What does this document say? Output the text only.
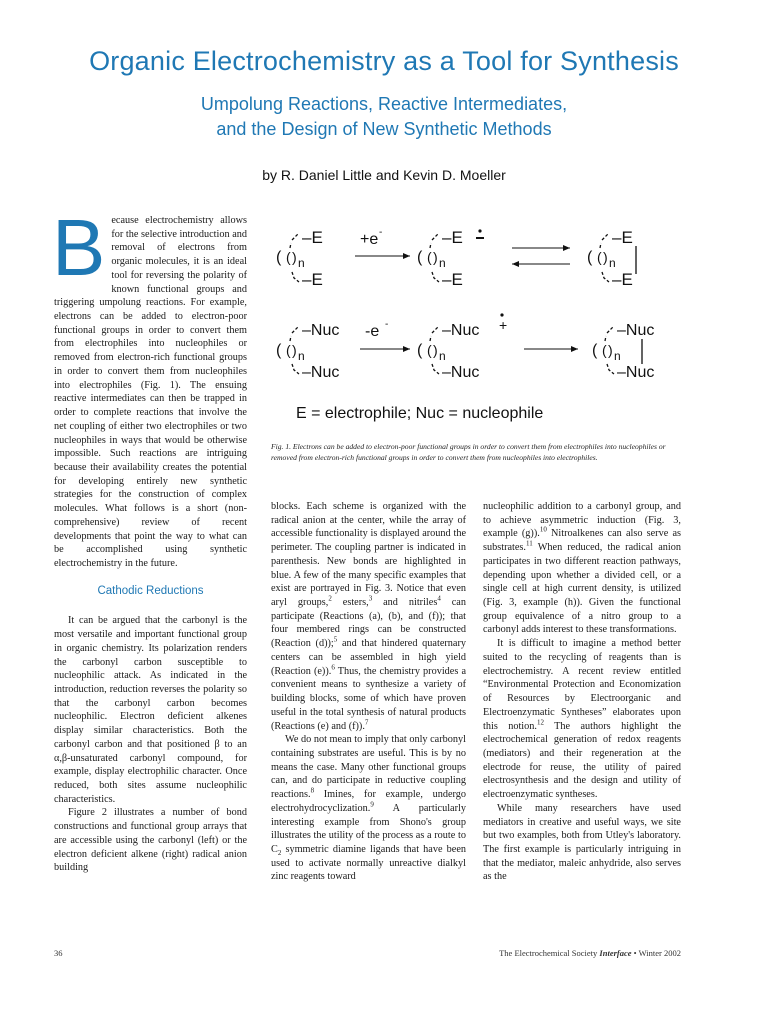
Organic Electrochemistry as a Tool for Synthesis
Umpolung Reactions, Reactive Intermediates,
and the Design of New Synthetic Methods
by R. Daniel Little and Kevin D. Moeller

Because electrochemistry allows for the selective introduction and removal of electrons from organic molecules, it is an ideal tool for reversing the polarity of known functional groups and triggering umpolung reactions. For example, electrons can be added to electron-poor functional groups in order to convert them from electrophiles into nucleophiles or removed from electron-rich functional groups in order to convert them from nucleophiles into electrophiles (Fig. 1). The ensuing reactive intermediates can then be trapped in order to complete reactions that involve the net coupling of either two electrophiles or two nucleophiles in ways that would be otherwise impossible. Such reactions are intriguing because their availability creates the potential for developing entirely new synthetic strategies for the construction of complex molecules. What follows is a short (non-comprehensive) review of recent developments that point the way to what can be accomplished using synthetic electrochemistry in the future.

Cathodic Reductions

It can be argued that the carbonyl is the most versatile and important functional group in organic chemistry. Its polarization renders the carbonyl carbon susceptible to nucleophilic attack. As indicated in the introduction, reduction reverses the polarity so that the carbonyl carbon becomes nucleophilic. Electron deficient alkenes display similar characteristics. Both the carbonyl carbon and that positioned β to an α,β-unsaturated carbonyl compound, for example, display electrophilic character. Once reduced, both sites assume nucleophilic characteristics.

Figure 2 illustrates a number of bond constructions and functional group arrays that are accessible using the carbonyl (left) or the electron deficient alkene (right) radical anion building

–E
( ( ) n
–E
+e -	–E
( ( ) n
–E
–E
( ( ) n
–E
–Nuc
( ( ) n
–Nuc
-e -	–Nuc +
( ( ) n
–Nuc
–Nuc
( ( ) n
–Nuc
E = electrophile; Nuc = nucleophile
Fig. 1. Electrons can be added to electron-poor functional groups in order to convert them from electrophiles into nucleophiles or removed from electron-rich functional groups in order to convert them from nucleophiles into electrophiles.

blocks. Each scheme is organized with the radical anion at the center, while the array of accessible functionality is displayed around the perimeter. The coupling partner is indicated in parenthesis. New bonds are highlighted in blue. A few of the many specific examples that exist are portrayed in Fig. 3. Notice that even aryl groups,$^2$ esters,$^3$ and nitriles$^4$ can participate (Reactions (a), (b), and (f)); that four membered rings can be constructed (Reaction (d));$^5$ and that hindered quaternary centers can be assembled in high yield (Reaction (e)).$^6$ Thus, the chemistry provides a convenient means to synthesize a variety of building blocks, some of which have proven useful in the total synthesis of natural products (Reactions (e) and (f)).$^7$

We do not mean to imply that only carbonyl containing substrates are useful. This is by no means the case. Many other functional groups can, and do participate in reductive coupling reactions.$^8$ Imines, for example, undergo electrohydrocyclization.$^9$ A particularly interesting example from Shono's group illustrates the utility of the process as a route to $C_2$ symmetric diamine ligands that have been used to activate normally unreactive dialkyl zinc reagents toward

nucleophilic addition to a carbonyl group, and to achieve asymmetric induction (Fig. 3, example (g)).$^{10}$ Nitroalkenes can also serve as substrates.$^{11}$ When reduced, the radical anion participates in two different reaction pathways, depending upon whether a divided cell, or a single cell at high current density, is utilized (Fig. 3, example (h)). Given the functional group equivalence of a nitro group to a carbonyl adds interest to these transformations.

It is difficult to imagine a method better suited to the recycling of reagents than is electrochemistry. A recent review entitled “Environmental Protection and Economization of Resources by Electroorganic and Electroenzymatic Syntheses” elaborates upon this notion.$^{12}$ The authors highlight the electrochemical generation of redox reagents (mediators) and their regeneration at the electrode for reuse, the utility of paired electrosynthesis and the design and utility of electroenzymatic syntheses.

While many researchers have used mediators in creative and useful ways, we site but two examples, both from Utley's laboratory. The first example is particularly intriguing in that the mediator, maleic anhydride, also serves as the

36	The Electrochemical Society Interface • Winter 2002
